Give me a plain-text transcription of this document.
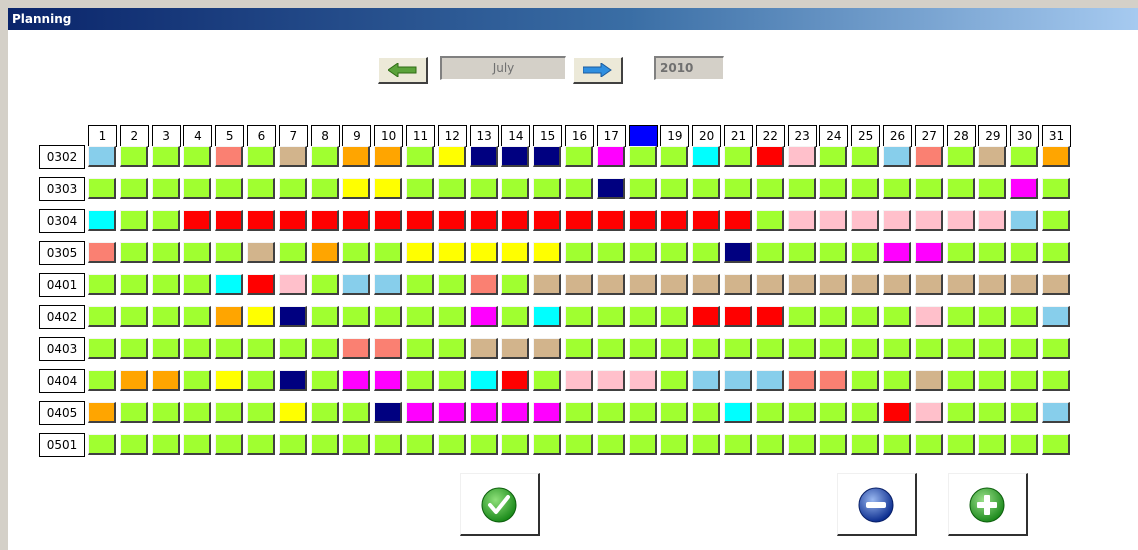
Planning
July	2010
1	2	3	4	5	6	7	8	9	10	11	12	13	14	15	16	17	18	19	20	21	22	23	24	25	26	27	28	29	30	31
0302
0303
0304
0305
0401
0402
0403
0404
0405
0501
